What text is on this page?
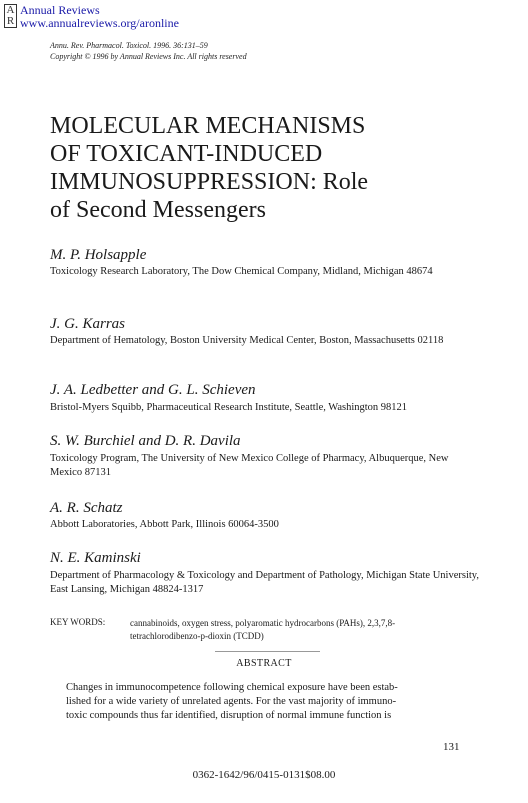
A
R
Annual Reviews
www.annualreviews.org/aronline
Annu. Rev. Pharmacol. Toxicol. 1996. 36:131–59
Copyright © 1996 by Annual Reviews Inc. All rights reserved
MOLECULAR MECHANISMS
OF TOXICANT-INDUCED
IMMUNOSUPPRESSION: Role
of Second Messengers
M. P. Holsapple
Toxicology Research Laboratory, The Dow Chemical Company, Midland, Michigan 48674
J. G. Karras
Department of Hematology, Boston University Medical Center, Boston, Massachusetts 02118
J. A. Ledbetter and G. L. Schieven
Bristol-Myers Squibb, Pharmaceutical Research Institute, Seattle, Washington 98121
S. W. Burchiel and D. R. Davila
Toxicology Program, The University of New Mexico College of Pharmacy, Albuquerque, New Mexico 87131
A. R. Schatz
Abbott Laboratories, Abbott Park, Illinois 60064-3500
N. E. Kaminski
Department of Pharmacology & Toxicology and Department of Pathology, Michigan State University, East Lansing, Michigan 48824-1317
KEY WORDS:	cannabinoids, oxygen stress, polyaromatic hydrocarbons (PAHs), 2,3,7,8-tetrachlorodibenzo-p-dioxin (TCDD)
ABSTRACT
Changes in immunocompetence following chemical exposure have been estab-
lished for a wide variety of unrelated agents. For the vast majority of immuno-
toxic compounds thus far identified, disruption of normal immune function is
131
0362-1642/96/0415-0131$08.00
